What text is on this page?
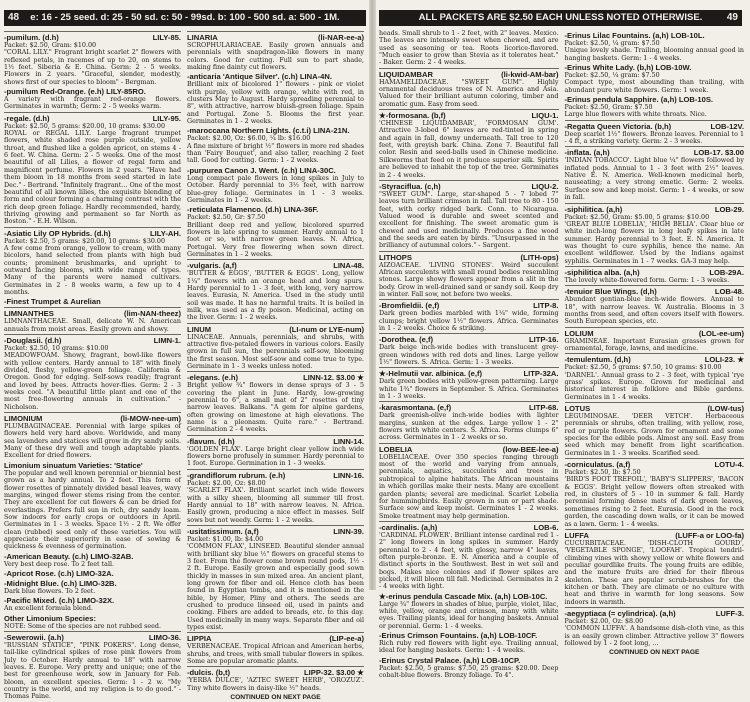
48	e: 16 - 25 seed. d: 25 - 50 sd. c: 50 - 99sd. b: 100 - 500 sd. a: 500 - 1M.
-pumilum. (d.h)	LILY-85.
Packet: $2.50, Gram: $10.00
"CORAL LILY." Fragrant bright scarlet 2" flowers with reflexed petals, in racemes of up to 20, on stems to 1½ feet. Siberia & E. China. Germ: 2 - 5 weeks. Flowers in 2 years. "Graceful, slender, modestly, shows first of our species to bloom" - Bergman.
-pumilum Red-Orange. (e.h) LILY-85RO.
A variety with fragrant red-orange flowers. Germinates in warmth; Germ: 2 - 5 weeks warm.
-regale. (d.h)	LILY-95.
Packet: $2.50, 5 grams: $20.00, 10 grams: $30.00
ROYAL or REGAL LILY. Large fragrant trumpet flowers, white shaded rose purple outside, yellow throat, and flushed like a golden apricot, on stems 4 - 6 feet. W. China. Germ: 2 - 5 weeks. One of the most beautiful of all Lilies, a flower of regal form and magnificent perfume. Flowers in 2 years. "Have had them bloom in 18 months from seed started in late Dec." - Bertrand. "Infinitely fragrant... One of the most beautiful of all known lilies, the exquisite blending of form and colour forming a charming contrast with the rich deep green foliage. Hardly recommended, hardy, thriving growing and permanent so far North as Boston." - E.H. Wilson.
-Asiatic Lily OP Hybrids. (d.h)	LILY-AH.
Packet: $2.50, 5 grams: $20.00, 10 grams: $30.00
A few come from orange, yellow to cream, with many bicolors, hand selected from plants with high bud counts; prominent brushmarks, and upright to outward facing blooms, with wide range of types. Many of the parents were named cultivars. Germinates in 2 - 8 weeks warm, a few up to 4 months.
-Finest Trumpet & Aurelian
LIMNANTHES	(lim-NAN-theez)
LIMNANTHACEAE. Small, delicate W. N. American annuals from moist areas. Easily grown and showy.
-Douglasii. (d.h)	LIMN-1.
Packet: $2.50, 10 grams: $10.00
MEADOWFOAM. Showy, fragrant, bowl-like flowers with yellow centers. Hardy annual to 18" with finely divided, fleshy, yellow-green foliage. California & Oregon. Good for edging. Self-sows readily; fragrant and loved by bees. Attracts hover-flies. Germ: 2 - 3 weeks cool. "A beautiful little plant and one of the most free-flowering annuals in cultivation." - Nicholson.
LIMONIUM	(li-MOW-nee-um)
PLUMBAGINACEAE. Perennial with large spikes of flowers held very hard above. Worldwide, and many sea lavenders and statices will grow in dry sandy soils. Many of these dry well and tough adaptable plants. Excellent for dried flowers.
Limonium sinuatum Varieties: 'Statice'
The popular and well known perennial or biennial best grown as a hardy annual. To 2 feet. This form of flower rosettes of pinnately divided basal leaves, wavy margins, winged flower stems rising from the center. They are excellent for cut flowers & can be dried for everlastings. Prefers full sun in rich, dry sandy loam. Sow indoors for early crops or outdoors in April. Germinates in 1 - 3 weeks. Space 1½ - 2 ft. We offer clean (rubbed) seed only of these varieties. You will appreciate their superiority in ease of sowing & quickness & evenness of germination.
-American Beauty. (c.h) LIMO-32AB.
Very best deep rose. To 2 feet tall.
-Apricot Rose. (c.h) LIMO-32A.
-Midnight Blue. (c.h) LIMO-32B.
Dark blue flowers. To 2 feet.
-Pacific Mixed. (c.h) LIMO-32X.
An excellent formula blend.
Other Limonium Species:
NOTE: Some of the species are not rubbed seed.
-Sewerowii. (a.h)	LIMO-36.
"RUSSIAN STATICE", "PINK POKERS". Long dense, tail-like cylindrical spikes of rose pink flowers from July to October. Hardy annual to 18" with narrow leaves. E. Europe. Very pretty and unique; one of the best for greenhouse work, sow in January for Feb. bloom, an excellent species. Germ: 1 - 2 w. "My country is the world, and my religion is to do good." - Thomas Paine.
LINARIA	(li-NAR-ee-a)
SCROPHULARIACEAE. Easily grown annuals and perennials with snapdragon-like flowers in many colors. Good for cutting. Full sun to part shade, making fine dainty cut flowers.
-anticaria 'Antique Silver'. (c.h) LINA-4N.
Brilliant mix of bicolored 1" flowers - pink or violet with purple, yellow with orange, white with red, in clusters May to August. Hardy spreading perennial to 8", with attractive, narrow bluish-green foliage. Spain and Portugal. Zone 5. Blooms the first year. Germinates in 1 - 2 weeks.
-maroccana Northern Lights. (c.t.i) LINA-21N.
Packet: $2.00, Oz: $6.00, ¼ lb: $16.00
A fine mixture of bright ½" flowers in more red shades than 'Fairy Bouquet', and also taller, reaching 2 feet tall. Good for cutting. Germ: 1 - 2 weeks.
-purpurea Canon J. Went. (c.h) LINA-30C.
Long compact pale flowers in long spikes in July to October. Hardy perennial to 3½ feet, with narrow blue-grey foliage. Germinates in 1 - 3 weeks. Germinates in 1 - 2 weeks.
-reticulata Flamenco. (d.h) LINA-36F.
Packet: $2.50, Gr: $7.50
Brilliant deep red and yellow, bicolored spurred flowers in late spring to summer. Hardy annual to 1 foot or so, with narrow green leaves. N. Africa, Portugal. Very free flowering when sown direct. Germinates in 1 - 2 weeks.
-vulgaris. (a,f)	LINA-48.
'BUTTER & EGGS', 'BUTTER & EGGS'. Long, yellow 1¼" flowers with an orange head and long spurs. Hardy perennial to 1 - 3 feet, with long, very narrow leaves. Eurasia, N. America. Used in the study until soil was made. It has no harmful traits. It is boiled in milk, was used as a fly poison. Medicinal, acting on the liver. Germ: 1 - 2 weeks.
LINUM	(LI-num or LYE-num)
LINACEAE. Annuals, perennials, and shrubs, with attractive five-petaled flowers in various colors. Easily grown in full sun, the perennials self-sow, blooming the first season. Most self-sow and come true to type. Germinate in 1 - 3 weeks unless noted.
-elegans. (e.h)	LINN-12. $3.00 ★
Bright yellow ¾" flowers in dense sprays of 3 - 5 covering the plant in June. Hardy, low-growing perennial to 6", a small mat of 2" rosettes of tiny narrow leaves. Balkans. "A gem for alpine gardens, often growing on limestone at high elevations. The name is a pleonasm. Quite rare." - Bertrand. Germination 2 - 4 weeks.
-flavum. (d.h)	LINN-14.
'GOLDEN FLAX'. Large bright clear yellow inch wide flowers borne profusely in summer. Hardy perennial to 1 foot. Europe. Germination in 1 - 3 weeks.
-grandiflorum rubrum. (e.h)	LINN-16.
Packet: $2.00, Oz: $8.00
'SCARLET FLAX'. Brilliant scarlet inch wide flowers with a silky sheen, blooming all summer till frost. Hardy annual to 18" with narrow leaves. N. Africa. Easily grown, producing a nice effect in masses. Self sows but not weedy. Germ: 1 - 2 weeks.
-usitatissimum. (a,f)	LINN-39.
Packet: $1.00, lb: $4.00
'COMMON FLAX', LINSEED. Beautiful slender annual with brilliant sky blue ½" flowers on graceful stems to 3 feet. From the flower come brown round pods, 1½ - 2 ft. Europe. Easily grown and especially good sown thickly in masses in sun mixed area. An ancient plant, long grown for fiber and oil. Hence cloth has been found in Egyptian tombs, and it is mentioned in the bible, by Homer, Pliny and others. The seeds are crushed to produce linseed oil, used in paints and cooking. Fibers are added to breads, etc. to this day. Used medicinally in many ways. Separate fiber and oil types exist.
LIPPIA	(LIP-ee-a)
VERBENACEAE. Tropical African and American herbs, shrubs, and trees, with small tubular flowers in spikes. Some are popular aromatic plants.
-dulcis. (b,t)	LIPP-32. $3.00 ★
'YERBA DULCE', 'AZTEC SWEET HERB', 'OROZUZ'. Tiny white flowers in daisy-like ½" heads.
CONTINUED ON NEXT PAGE
ALL PACKETS ARE $2.50 EACH UNLESS NOTED OTHERWISE.	49
heads. Small shrub to 1 - 2 feet, with 2" leaves. Mexico. The leaves are intensely sweet when chewed, and are used as seasoning or tea. Roots licorice-flavored. "Much easier to grow than Stevia as it tolerates heat." - Baker. Germ: 2 - 4 weeks.
LIQUIDAMBAR	(li-kwid-AM-bar)
HAMAMELIDACEAE. "SWEET GUM". Highly ornamental deciduous trees of N. America and Asia. Valued for their brilliant autumn coloring, timber and aromatic gum. Easy from seed.
★-formosana. (b,f)	LIQU-1.
'CHINESE LIQUIDAMBAR', 'FORMOSAN GUM'. Attractive 3-lobed 6" leaves are red-tinted in spring and again in fall, downy underneath. Tall tree to 120 feet, with greyish bark. China. Zone 7. Beautiful fall color. Resin and seed-balls used in Chinese medicine. Silkworms that feed on it produce superior silk. Spirits are believed to inhabit the top of the tree. Germinates in 2 - 4 weeks.
-Styraciflua. (c,h)	LIQU-2.
"SWEET GUM". Large, star-shaped 5 - 7 lobed 7" leaves turn brilliant crimson in fall. Tall tree to 80 - 150 feet, with corky ridged bark. Conn. to Nicaragua. Valued wood is durable and sweet scented and excellent for finishing. The sweet aromatic gum is chewed and used medicinally. Produces a fine wood and the seeds are eaten by birds. "Unsurpassed in the brilliancy of autumnal colors." - Sargent.
LITHOPS	(LITH-ops)
AIZOACEAE. 'LIVING STONES'. Weird succulent African succulents with small round bodies resembling stones. Large showy flowers appear from a slit in the body. Grow in well-drained sand or sandy soil. Keep dry in winter. Fall sow, not before two weeks.
-Bromfieldii. (e,f)	LITP-8.
Dark green bodies marbled with 1¼" wide, forming clumps; bright yellow 1½" flowers. Africa. Germinates in 1 - 2 weeks. Choice & striking.
-Dorothea. (e,f)	LITP-16.
Dark beige inch-wide bodies with translucent grey-green windows with red dots and lines. Large yellow 1½" flowers. S. Africa. Germ: 1 - 3 weeks.
★-Helmutii var. albinica. (e,f)	LITP-32A.
Dark green bodies with yellow-green patterning. Large white 1¾" flowers in September. S. Africa. Germinates in 1 - 3 weeks.
-karasmontana. (e,f)	LITP-68.
Dark greenish-olive inch-wide bodies with lighter margins, sunken at the edges. Large yellow 1 - 2" flowers with white centers. S. Africa. Forms clumps 6" across. Germinates in 1 - 2 weeks or so.
LOBELIA	(low-BEE-lee-a)
LOBELIACEAE. Over 350 species ranging through most of the world and varying from annuals, perennials, aquatics, succulents and trees in subtropical to alpine habitats. The African mountains in which gorillas make their nests. Many are excellent garden plants; several are medicinal. Scarlet Lobelia for hummingbirds. Easily grown in sun or part shade. Surface sow and keep moist. Germinates 1 - 2 weeks. Smoke treatment may help germination.
-cardinalis. (a,h)	LOB-6.
'CARDINAL FLOWER'. Brilliant intense cardinal red 1 - 2" long flowers in long spikes in summer. Hardy perennial to 2 - 4 feet, with glossy, narrow 4" leaves, often purple-bronze. E. N. America and a couple of distinct sports in the Southwest. Best in wet soil and bogs. Makes nice colonies and if flower spikes are picked, it will bloom till fall. Medicinal. Germinates in 2 - 4 weeks with light.
★-erinus pendula Cascade Mix. (a,h) LOB-10C.
Large ¾" flowers in shades of blue, purple, violet, lilac, white, yellow, orange and crimson, many with white eyes. Trailing plants, ideal for hanging baskets. Annual or perennial. Germ: 1 - 4 weeks.
-Erinus Crimson Fountains. (a,h) LOB-10CF.
Rich ruby red flowers with light eye. Trailing annual, ideal for hanging baskets. Germ: 1 - 4 weeks.
-Erinus Crystal Palace. (a,h) LOB-10CP.
Packet: $2.50, 5 grams: $7.50, 25 grams: $20.00. Deep cobalt-blue flowers. Bronzy foliage. To 4".
-Erinus Lilac Fountains. (a,h) LOB-10L.
Packet: $2.50, ¼ gram: $7.50
Unique lovely shade. Trailing, blooming annual good in hanging baskets. Germ: 1 - 4 weeks.
-Erinus White Lady. (b,h) LOB-10W.
Packet: $2.50, ¼ gram: $7.50
Compact type, most abounding than trailing, with abundant pure white flowers. Germ: 1 week.
-Erinus pendula Sapphire. (a,h) LOB-10S.
Packet: $2.50, Gram: $7.50
Large blue flowers with white throats. Nice.
-Regatta Queen Victoria. (b,h)	LOB-12V.
Deep scarlet 1½" flowers. Bronze leaves. Perennial to 1 - 4 ft, a striking variety. Germ: 2 - 3 weeks.
-inflata. (a,h)	LOB-17. $3.00
'INDIAN TOBACCO'. Light blue ¼" flowers followed by inflated pods. Annual to 1 - 3 feet with 2½" leaves. Native E. N. America. Well-known medicinal herb, nauseating; a very strong emetic. Germ: 2 weeks. Surface sow and keep moist. Germ: 1 - 4 weeks, or sow in fall.
-siphilitica. (a,h)	LOB-29.
Packet: $2.50, Gram: $5.00, 5 grams: $10.00
'GREAT BLUE LOBELIA', 'HIGH BELIA'. Clear blue or white inch-long flowers in long leafy spikes in late summer. Hardy perennial to 3 feet. E. N. America. It was thought to cure syphilis, hence the name. An excellent wildflower. Used by the Indians against syphilis. Germinates in 1 - 7 weeks. GA-3 may help.
-siphilitica alba. (a,h)	LOB-29A.
The lovely white-flowered form. Germ: 1 - 3 weeks.
-tenuior Blue Wings. (d,h)	LOB-48.
Abundant gentian-blue inch-wide flowers. Annual to 18", with narrow leaves. W. Australia. Blooms in 3 months from seed, and often covers itself with flowers. South European species, etc.
LOLIUM	(LOL-ee-um)
GRAMINEAE. Important Eurasian grasses grown for ornamental, forage, lawns, and medicine.
-temulentum. (d,h)	LOLI-23. ★
Packet: $2.50, 5 grams: $7.50, 10 grams: $10.00
'DARNEL'. Annual grass to 2 - 3 feet, with typical 'rye grass' spikes. Europe. Grown for medicinal and historical interest in folklore and Bible gardens. Germinates in 1 - 4 weeks.
LOTUS	(LOW-tus)
LEGUMINOSAE. 'DEER VETCH'. Herbaceous perennials or shrubs, often trailing, with yellow, rose, red or purple flowers. Grown for ornament and some species for the edible pods. Almost any soil. Easy from seed which may benefit from light scarification. Germinates in 1 - 3 weeks. Scarified seed.
-corniculatus. (a,f)	LOTU-4.
Packet: $2.50, lb: $7.50
'BIRD'S FOOT TREFOIL', 'BABY'S SLIPPERS', 'BACON & EGGS'. Bright yellow flowers often streaked with red, in clusters of 5 - 10 in summer & fall. Hardy perennial forming dense mats of dark green leaves, sometimes rising to 2 feet. Eurasia. Good in the rock garden, the cascading down walls, or it can be mowed as a lawn. Germ: 1 - 4 weeks.
LUFFA	(LUFF-a or LOO-fa)
CUCURBITACEAE. 'DISH-CLOTH GOURD', 'VEGETABLE SPONGE', 'LOOFAH'. Tropical tendril-climbing vines with showy yellow or white flowers and peculiar gourdlike fruits. The young fruits are edible, and the mature fruits are dried for their fibrous skeleton. These are popular scrub-brushes for the kitchen or bath. They are climate or no culture with heat and thrive in warmth for long seasons. Sow indoors in warmth.
-aegyptiaca (= cylindrica). (a,h)	LUFF-3.
Packet: $2.00, Oz: $8.00
'COMMON LUFFA'. A handsome dish-cloth vine, as this is an easily grown climber. Attractive yellow 3" flowers followed by 1 - 2 foot long, ...
CONTINUED ON NEXT PAGE
